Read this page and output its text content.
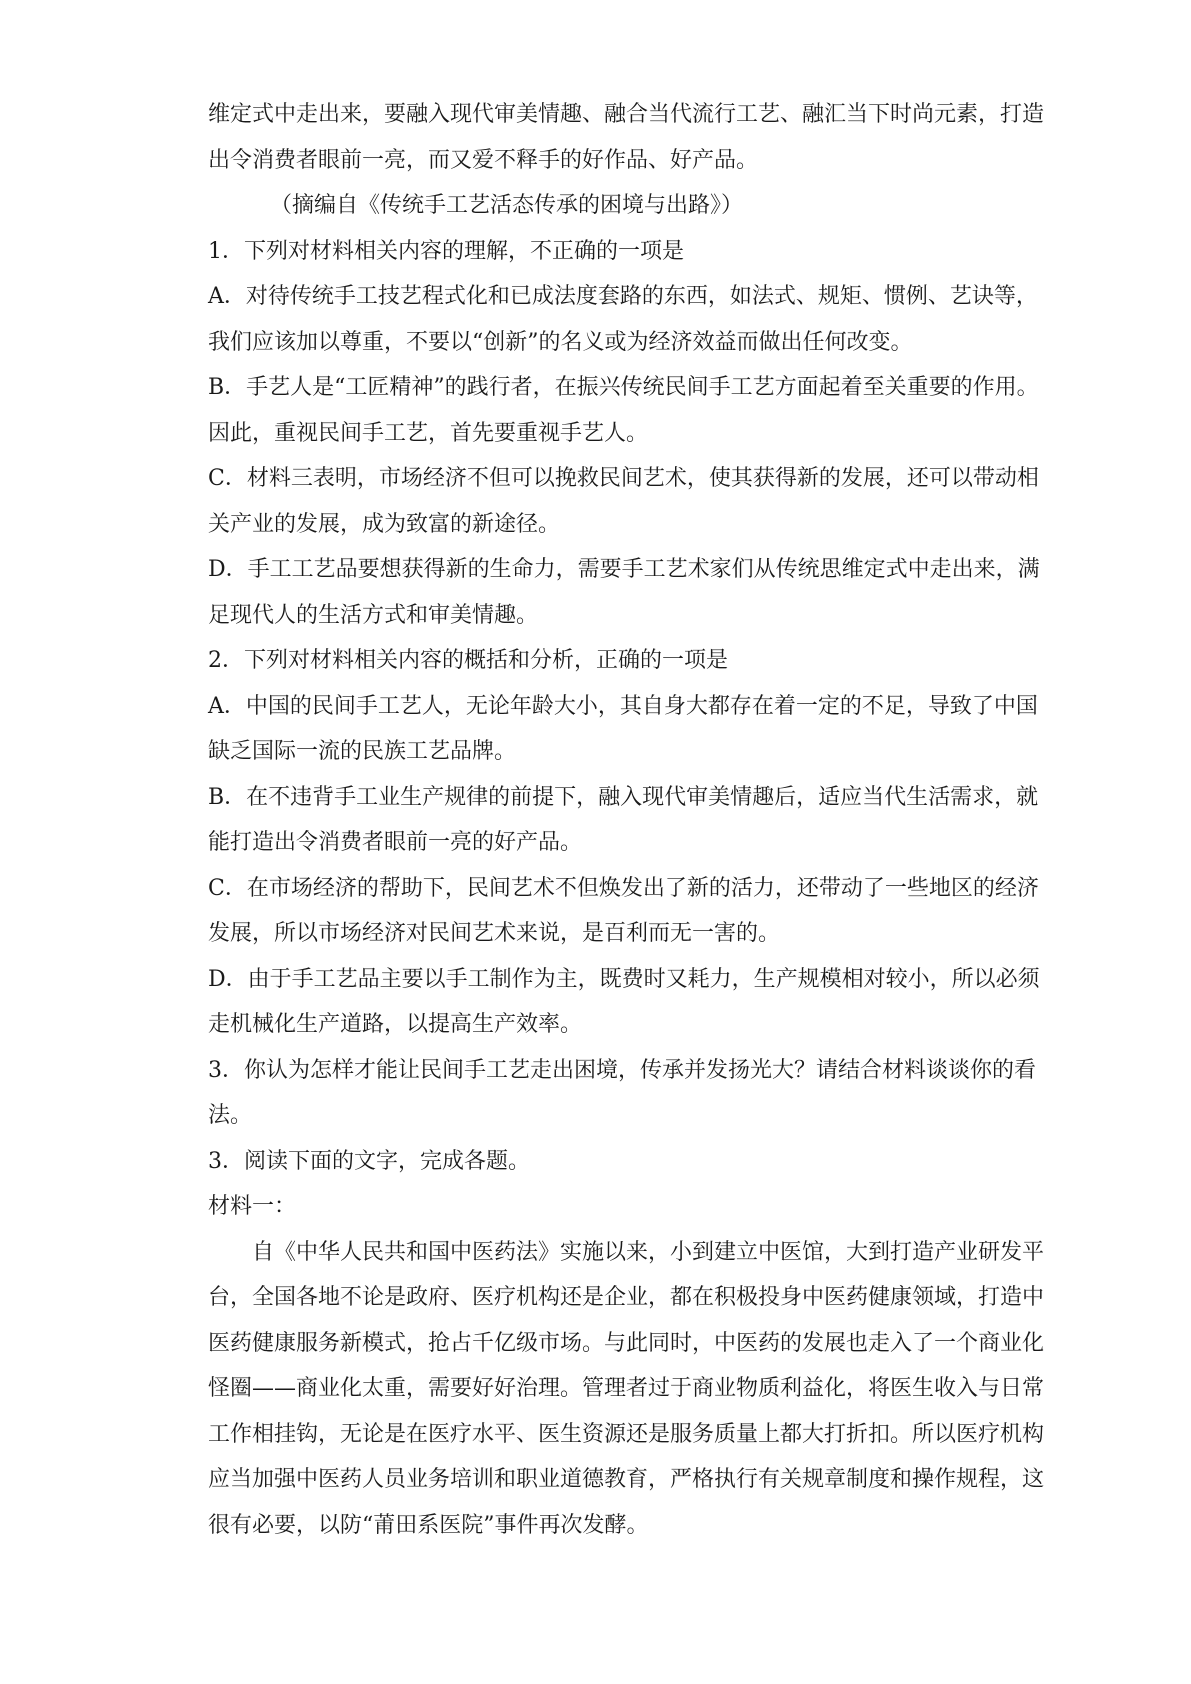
维定式中走出来，要融入现代审美情趣、融合当代流行工艺、融汇当下时尚元素，打造

出令消费者眼前一亮，而又爱不释手的好作品、好产品。

（摘编自《传统手工艺活态传承的困境与出路》）

1．下列对材料相关内容的理解，不正确的一项是

A．对待传统手工技艺程式化和已成法度套路的东西，如法式、规矩、惯例、艺诀等，

我们应该加以尊重，不要以“创新”的名义或为经济效益而做出任何改变。

B．手艺人是“工匠精神”的践行者，在振兴传统民间手工艺方面起着至关重要的作用。

因此，重视民间手工艺，首先要重视手艺人。

C．材料三表明，市场经济不但可以挽救民间艺术，使其获得新的发展，还可以带动相

关产业的发展，成为致富的新途径。

D．手工工艺品要想获得新的生命力，需要手工艺术家们从传统思维定式中走出来，满

足现代人的生活方式和审美情趣。

2．下列对材料相关内容的概括和分析，正确的一项是

A．中国的民间手工艺人，无论年龄大小，其自身大都存在着一定的不足，导致了中国

缺乏国际一流的民族工艺品牌。

B．在不违背手工业生产规律的前提下，融入现代审美情趣后，适应当代生活需求，就

能打造出令消费者眼前一亮的好产品。

C．在市场经济的帮助下，民间艺术不但焕发出了新的活力，还带动了一些地区的经济

发展，所以市场经济对民间艺术来说，是百利而无一害的。

D．由于手工艺品主要以手工制作为主，既费时又耗力，生产规模相对较小，所以必须

走机械化生产道路，以提高生产效率。

3．你认为怎样才能让民间手工艺走出困境，传承并发扬光大？请结合材料谈谈你的看

法。

3．阅读下面的文字，完成各题。

材料一：

自《中华人民共和国中医药法》实施以来，小到建立中医馆，大到打造产业研发平

台，全国各地不论是政府、医疗机构还是企业，都在积极投身中医药健康领域，打造中

医药健康服务新模式，抢占千亿级市场。与此同时，中医药的发展也走入了一个商业化

怪圈——商业化太重，需要好好治理。管理者过于商业物质利益化，将医生收入与日常

工作相挂钩，无论是在医疗水平、医生资源还是服务质量上都大打折扣。所以医疗机构

应当加强中医药人员业务培训和职业道德教育，严格执行有关规章制度和操作规程，这

很有必要，以防“莆田系医院”事件再次发酵。
